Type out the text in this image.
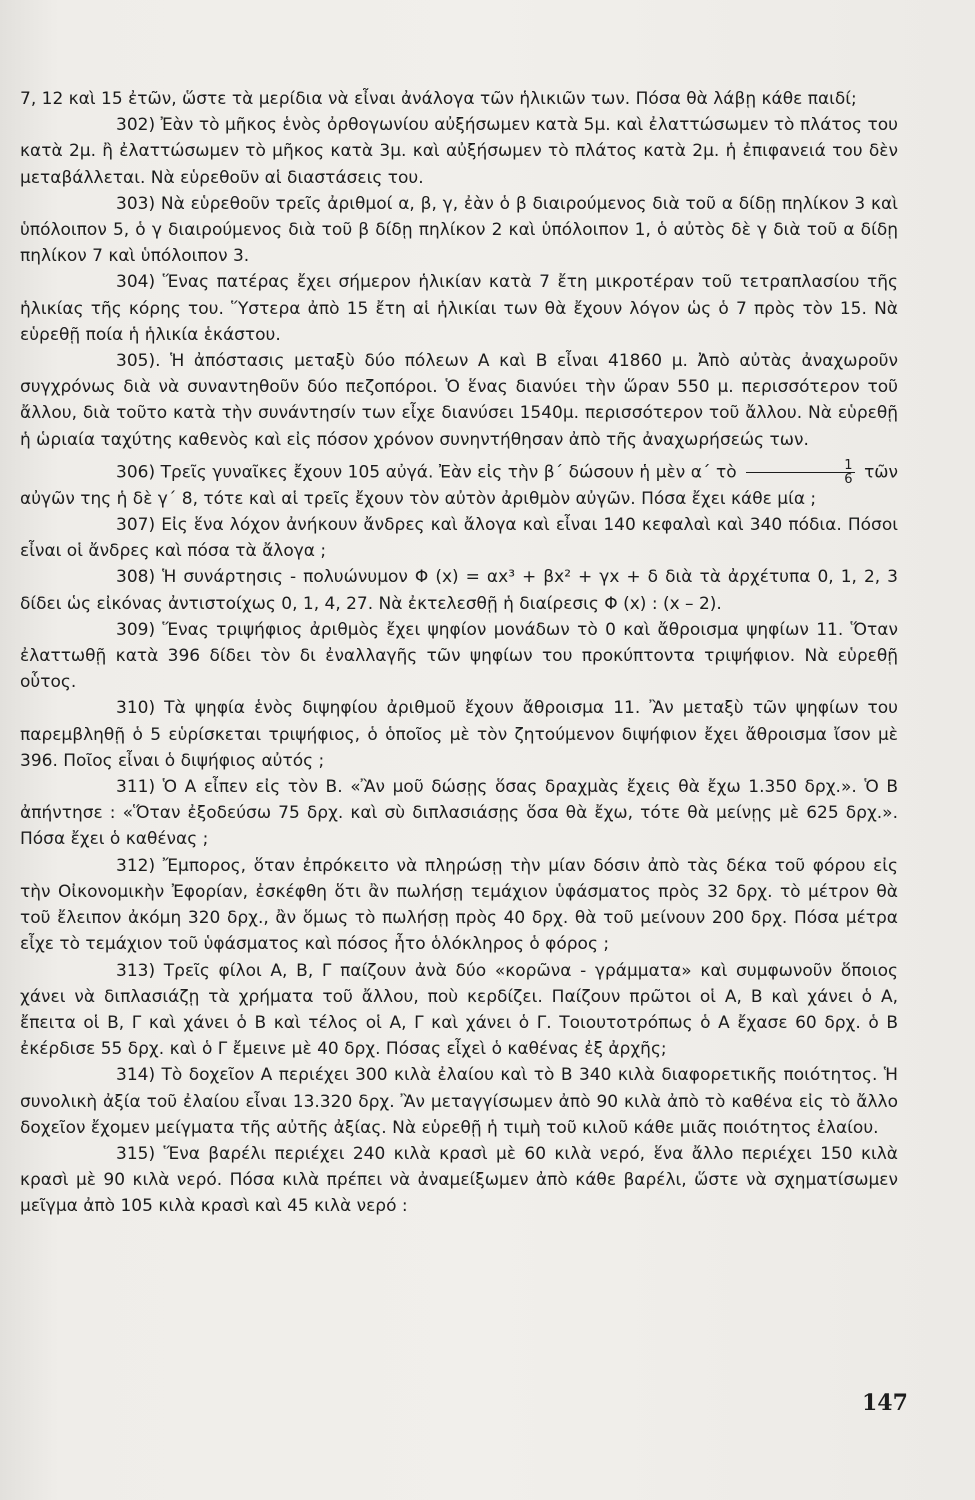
7, 12 καὶ 15 ἐτῶν, ὥστε τὰ μερίδια νὰ εἶναι ἀνάλογα τῶν ἡλικιῶν των. Πόσα θὰ λάβῃ κάθε παιδί;

302) Ἐὰν τὸ μῆκος ἑνὸς ὀρθογωνίου αὐξήσωμεν κατὰ 5μ. καὶ ἐλαττώσωμεν τὸ πλάτος του κατὰ 2μ. ἢ ἐλαττώσωμεν τὸ μῆκος κατὰ 3μ. καὶ αὐξήσωμεν τὸ πλάτος κατὰ 2μ. ἡ ἐπιφανειά του δὲν μεταβάλλεται. Νὰ εὑρεθοῦν αἱ διαστάσεις του.

303) Νὰ εὑρεθοῦν τρεῖς ἀριθμοί α, β, γ, ἐὰν ὁ β διαιρούμενος διὰ τοῦ α δίδῃ πηλίκον 3 καὶ ὑπόλοιπον 5, ὁ γ διαιρούμενος διὰ τοῦ β δίδῃ πηλίκον 2 καὶ ὑπόλοιπον 1, ὁ αὐτὸς δὲ γ διὰ τοῦ α δίδῃ πηλίκον 7 καὶ ὑπόλοιπον 3.

304) Ἕνας πατέρας ἔχει σήμερον ἡλικίαν κατὰ 7 ἔτη μικροτέραν τοῦ τετραπλασίου τῆς ἡλικίας τῆς κόρης του. Ὕστερα ἀπὸ 15 ἔτη αἱ ἡλικίαι των θὰ ἔχουν λόγον ὡς ὁ 7 πρὸς τὸν 15. Νὰ εὑρεθῇ ποία ἡ ἡλικία ἑκάστου.

305). Ἡ ἀπόστασις μεταξὺ δύο πόλεων Α καὶ Β εἶναι 41860 μ. Ἀπὸ αὐτὰς ἀναχωροῦν συγχρόνως διὰ νὰ συναντηθοῦν δύο πεζοπόροι. Ὁ ἕνας διανύει τὴν ὥραν 550 μ. περισσότερον τοῦ ἄλλου, διὰ τοῦτο κατὰ τὴν συνάντησίν των εἶχε διανύσει 1540μ. περισσότερον τοῦ ἄλλου. Νὰ εὑρεθῇ ἡ ὡριαία ταχύτης καθενὸς καὶ εἰς πόσον χρόνον συνηντήθησαν ἀπὸ τῆς ἀναχωρήσεώς των.

306) Τρεῖς γυναῖκες ἔχουν 105 αὐγά. Ἐὰν εἰς τὴν β΄ δώσουν ἡ μὲν α΄ τὸ $\frac{1}{6}$ τῶν αὐγῶν της ἡ δὲ γ΄ 8, τότε καὶ αἱ τρεῖς ἔχουν τὸν αὐτὸν ἀριθμὸν αὐγῶν. Πόσα ἔχει κάθε μία ;

307) Εἰς ἕνα λόχον ἀνήκουν ἄνδρες καὶ ἄλογα καὶ εἶναι 140 κεφαλαὶ καὶ 340 πόδια. Πόσοι εἶναι οἱ ἄνδρες καὶ πόσα τὰ ἄλογα ;

308) Ἡ συνάρτησις - πολυώνυμον Φ (x) = αx³ + βx² + γx + δ διὰ τὰ ἀρχέτυπα 0, 1, 2, 3 δίδει ὡς εἰκόνας ἀντιστοίχως 0, 1, 4, 27. Νὰ ἐκτελεσθῇ ἡ διαίρεσις Φ (x) : (x – 2).

309) Ἕνας τριψήφιος ἀριθμὸς ἔχει ψηφίον μονάδων τὸ 0 καὶ ἄθροισμα ψηφίων 11. Ὅταν ἐλαττωθῇ κατὰ 396 δίδει τὸν δι ἐναλλαγῆς τῶν ψηφίων του προκύπτοντα τριψήφιον. Νὰ εὑρεθῇ οὗτος.

310) Τὰ ψηφία ἑνὸς διψηφίου ἀριθμοῦ ἔχουν ἄθροισμα 11. Ἂν μεταξὺ τῶν ψηφίων του παρεμβληθῇ ὁ 5 εὑρίσκεται τριψήφιος, ὁ ὁποῖος μὲ τὸν ζητούμενον διψήφιον ἔχει ἄθροισμα ἴσον μὲ 396. Ποῖος εἶναι ὁ διψήφιος αὐτός ;

311) Ὁ Α εἶπεν εἰς τὸν Β. «Ἂν μοῦ δώσῃς ὅσας δραχμὰς ἔχεις θὰ ἔχω 1.350 δρχ.». Ὁ Β ἀπήντησε : «Ὅταν ἐξοδεύσω 75 δρχ. καὶ σὺ διπλασιάσῃς ὅσα θὰ ἔχω, τότε θὰ μείνῃς μὲ 625 δρχ.». Πόσα ἔχει ὁ καθένας ;

312) Ἔμπορος, ὅταν ἐπρόκειτο νὰ πληρώσῃ τὴν μίαν δόσιν ἀπὸ τὰς δέκα τοῦ φόρου εἰς τὴν Οἰκονομικὴν Ἐφορίαν, ἐσκέφθη ὅτι ἂν πωλήσῃ τεμάχιον ὑφάσματος πρὸς 32 δρχ. τὸ μέτρον θὰ τοῦ ἔλειπον ἀκόμη 320 δρχ., ἂν ὅμως τὸ πωλήσῃ πρὸς 40 δρχ. θὰ τοῦ μείνουν 200 δρχ. Πόσα μέτρα εἶχε τὸ τεμάχιον τοῦ ὑφάσματος καὶ πόσος ἦτο ὁλόκληρος ὁ φόρος ;

313) Τρεῖς φίλοι Α, Β, Γ παίζουν ἀνὰ δύο «κορῶνα - γράμματα» καὶ συμφωνοῦν ὅποιος χάνει νὰ διπλασιάζῃ τὰ χρήματα τοῦ ἄλλου, ποὺ κερδίζει. Παίζουν πρῶτοι οἱ Α, Β καὶ χάνει ὁ Α, ἔπειτα οἱ Β, Γ καὶ χάνει ὁ Β καὶ τέλος οἱ Α, Γ καὶ χάνει ὁ Γ. Τοιουτοτρόπως ὁ Α ἔχασε 60 δρχ. ὁ Β ἐκέρδισε 55 δρχ. καὶ ὁ Γ ἔμεινε μὲ 40 δρχ. Πόσας εἶχεὶ ὁ καθένας ἐξ ἀρχῆς;

314) Τὸ δοχεῖον Α περιέχει 300 κιλὰ ἐλαίου καὶ τὸ Β 340 κιλὰ διαφορετικῆς ποιότητος. Ἡ συνολικὴ ἀξία τοῦ ἐλαίου εἶναι 13.320 δρχ. Ἂν μεταγγίσωμεν ἀπὸ 90 κιλὰ ἀπὸ τὸ καθένα εἰς τὸ ἄλλο δοχεῖον ἔχομεν μείγματα τῆς αὐτῆς ἀξίας. Νὰ εὑρεθῇ ἡ τιμὴ τοῦ κιλοῦ κάθε μιᾶς ποιότητος ἐλαίου.

315) Ἕνα βαρέλι περιέχει 240 κιλὰ κρασὶ μὲ 60 κιλὰ νερό, ἕνα ἄλλο περιέχει 150 κιλὰ κρασὶ μὲ 90 κιλὰ νερό. Πόσα κιλὰ πρέπει νὰ ἀναμείξωμεν ἀπὸ κάθε βαρέλι, ὥστε νὰ σχηματίσωμεν μεῖγμα ἀπὸ 105 κιλὰ κρασὶ καὶ 45 κιλὰ νερό :

147
